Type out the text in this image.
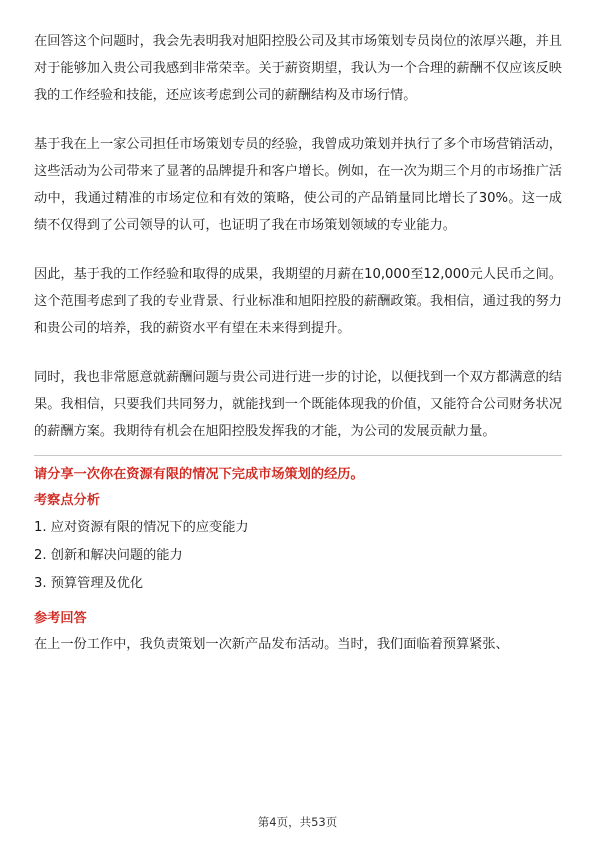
在回答这个问题时，我会先表明我对旭阳控股公司及其市场策划专员岗位的浓厚兴趣，并且对于能够加入贵公司我感到非常荣幸。关于薪资期望，我认为一个合理的薪酬不仅应该反映我的工作经验和技能，还应该考虑到公司的薪酬结构及市场行情。

基于我在上一家公司担任市场策划专员的经验，我曾成功策划并执行了多个市场营销活动，这些活动为公司带来了显著的品牌提升和客户增长。例如，在一次为期三个月的市场推广活动中，我通过精准的市场定位和有效的策略，使公司的产品销量同比增长了30%。这一成绩不仅得到了公司领导的认可，也证明了我在市场策划领域的专业能力。

因此，基于我的工作经验和取得的成果，我期望的月薪在10,000至12,000元人民币之间。这个范围考虑到了我的专业背景、行业标准和旭阳控股的薪酬政策。我相信，通过我的努力和贵公司的培养，我的薪资水平有望在未来得到提升。

同时，我也非常愿意就薪酬问题与贵公司进行进一步的讨论，以便找到一个双方都满意的结果。我相信，只要我们共同努力，就能找到一个既能体现我的价值，又能符合公司财务状况的薪酬方案。我期待有机会在旭阳控股发挥我的才能，为公司的发展贡献力量。

请分享一次你在资源有限的情况下完成市场策划的经历。
考察点分析
1. 应对资源有限的情况下的应变能力
2. 创新和解决问题的能力
3. 预算管理及优化
参考回答

在上一份工作中，我负责策划一次新产品发布活动。当时，我们面临着预算紧张、

第4页，共53页
